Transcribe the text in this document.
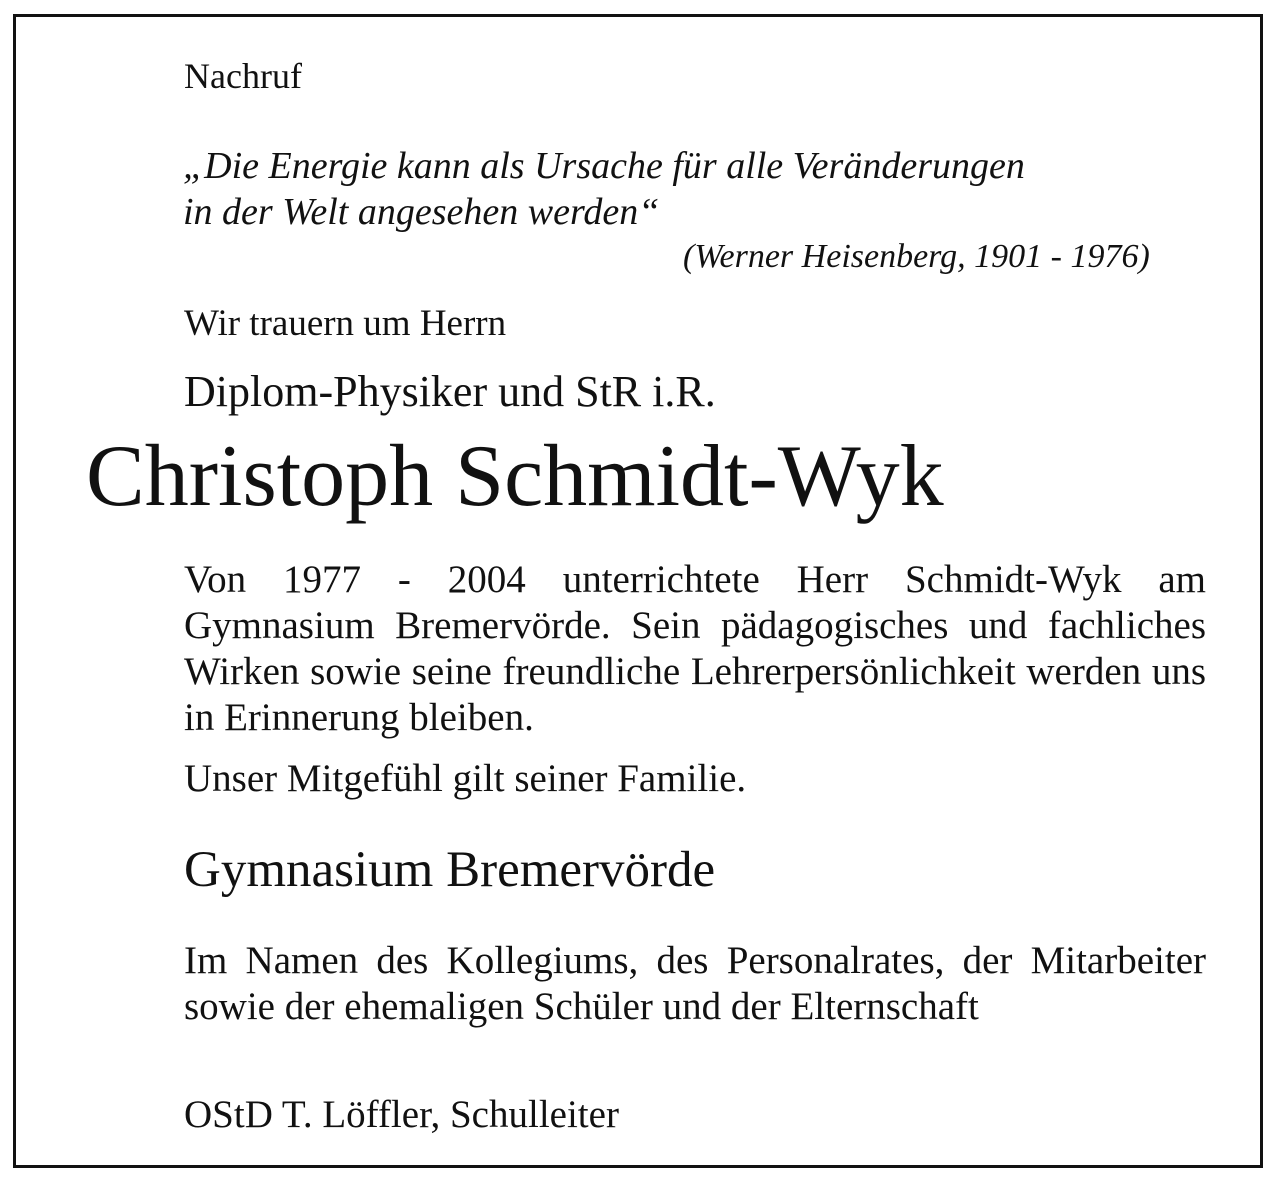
Nachruf
„Die Energie kann als Ursache für alle Veränderungen
in der Welt angesehen werden“
(Werner Heisenberg, 1901 - 1976)
Wir trauern um Herrn
Diplom-Physiker und StR i.R.
Christoph Schmidt-Wyk
Von 1977 - 2004 unterrichtete Herr Schmidt-Wyk am Gymnasium Bremervörde. Sein pädagogisches und fachliches Wirken sowie seine freundliche Lehrerpersönlichkeit werden uns in Erinnerung bleiben.
Unser Mitgefühl gilt seiner Familie.
Gymnasium Bremervörde
Im Namen des Kollegiums, des Personalrates, der Mitarbeiter sowie der ehemaligen Schüler und der Elternschaft
OStD T. Löffler, Schulleiter
